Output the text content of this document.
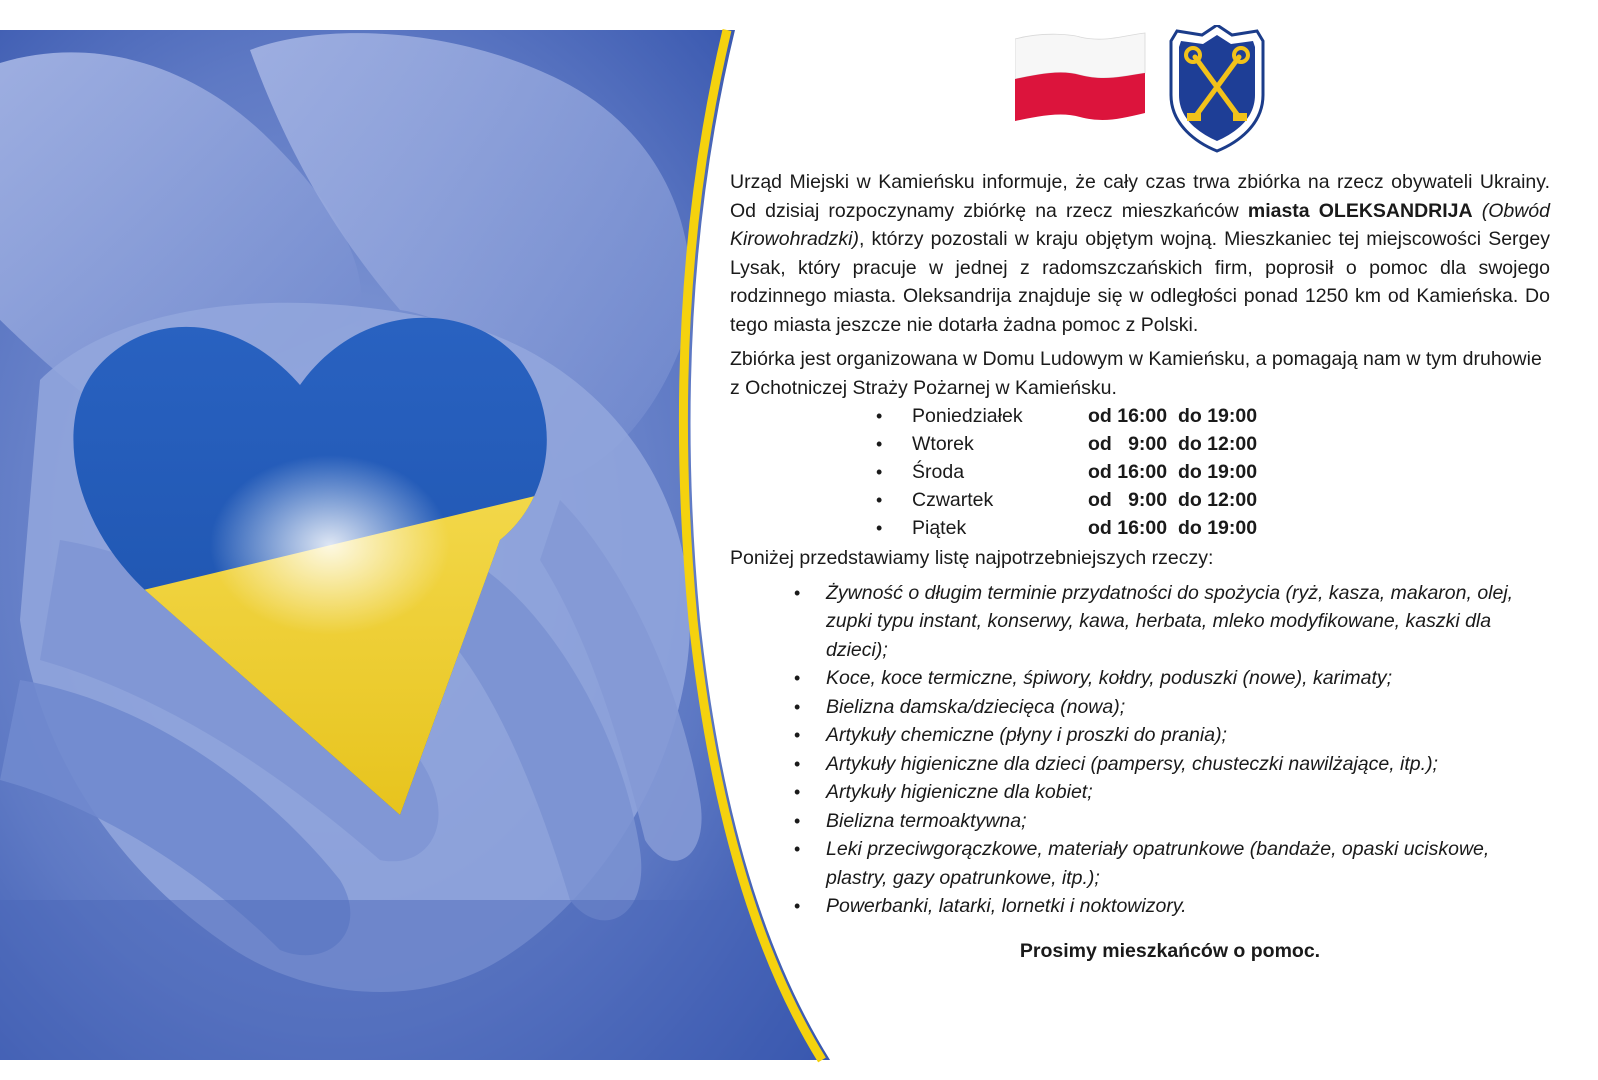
Urząd Miejski w Kamieńsku informuje, że cały czas trwa zbiórka na rzecz obywateli Ukrainy. Od dzisiaj rozpoczynamy zbiórkę na rzecz mieszkańców miasta OLEKSANDRIJA (Obwód Kirowohradzki), którzy pozostali w kraju objętym wojną. Mieszkaniec tej miejscowości Sergey Lysak, który pracuje w jednej z radomszczańskich firm, poprosił o pomoc dla swojego rodzinnego miasta. Oleksandrija znajduje się w odległości ponad 1250 km od Kamieńska. Do tego miasta jeszcze nie dotarła żadna pomoc z Polski.

Zbiórka jest organizowana w Domu Ludowym w Kamieńsku, a pomagają nam w tym druhowie z Ochotniczej Straży Pożarnej w Kamieńsku.

•	Poniedziałek	od 16:00  do 19:00
•	Wtorek	od   9:00  do 12:00
•	Środa	od 16:00  do 19:00
•	Czwartek	od   9:00  do 12:00
•	Piątek	od 16:00  do 19:00

Poniżej przedstawiamy listę najpotrzebniejszych rzeczy:

•	Żywność o długim terminie przydatności do spożycia (ryż, kasza, makaron, olej, zupki typu instant, konserwy, kawa, herbata, mleko modyfikowane, kaszki dla dzieci);
•	Koce, koce termiczne, śpiwory, kołdry, poduszki (nowe), karimaty;
•	Bielizna damska/dziecięca (nowa);
•	Artykuły chemiczne (płyny i proszki do prania);
•	Artykuły higieniczne dla dzieci (pampersy, chusteczki nawilżające, itp.);
•	Artykuły higieniczne dla kobiet;
•	Bielizna termoaktywna;
•	Leki przeciwgorączkowe, materiały opatrunkowe (bandaże, opaski uciskowe, plastry, gazy opatrunkowe, itp.);
•	Powerbanki, latarki, lornetki i noktowizory.
Prosimy mieszkańców o pomoc.
